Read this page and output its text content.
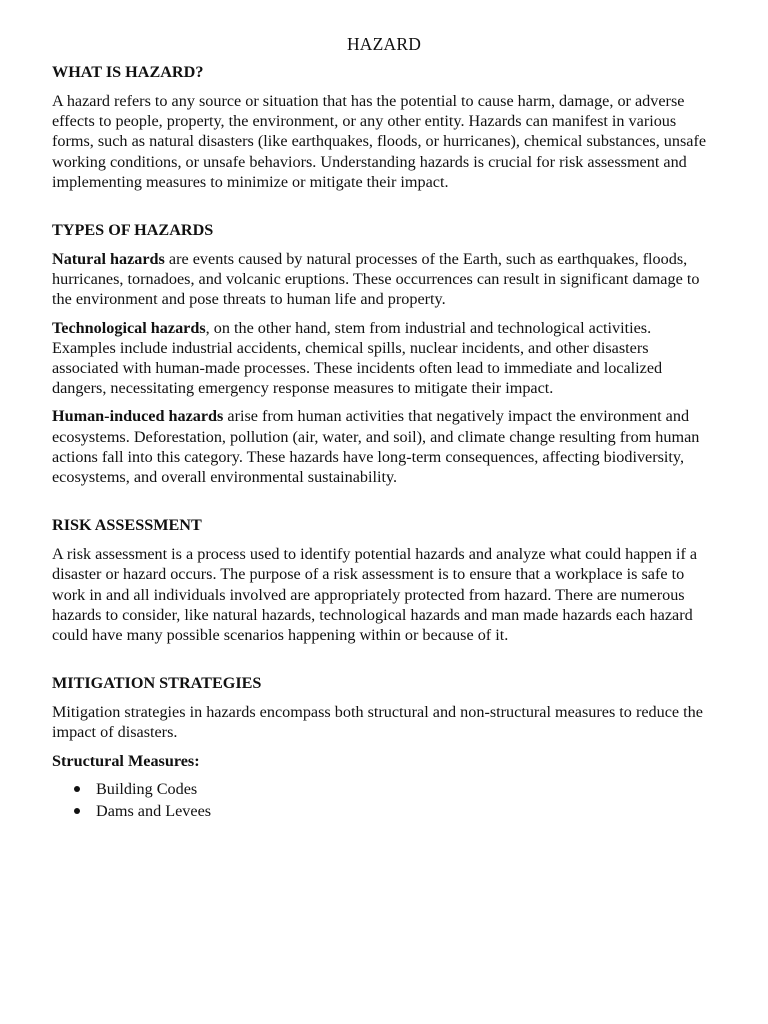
HAZARD
WHAT IS HAZARD?

A hazard refers to any source or situation that has the potential to cause harm, damage, or adverse effects to people, property, the environment, or any other entity. Hazards can manifest in various forms, such as natural disasters (like earthquakes, floods, or hurricanes), chemical substances, unsafe working conditions, or unsafe behaviors. Understanding hazards is crucial for risk assessment and implementing measures to minimize or mitigate their impact.

TYPES OF HAZARDS

Natural hazards are events caused by natural processes of the Earth, such as earthquakes, floods, hurricanes, tornadoes, and volcanic eruptions. These occurrences can result in significant damage to the environment and pose threats to human life and property.

Technological hazards, on the other hand, stem from industrial and technological activities. Examples include industrial accidents, chemical spills, nuclear incidents, and other disasters associated with human-made processes. These incidents often lead to immediate and localized dangers, necessitating emergency response measures to mitigate their impact.

Human-induced hazards arise from human activities that negatively impact the environment and ecosystems. Deforestation, pollution (air, water, and soil), and climate change resulting from human actions fall into this category. These hazards have long-term consequences, affecting biodiversity, ecosystems, and overall environmental sustainability.

RISK ASSESSMENT

A risk assessment is a process used to identify potential hazards and analyze what could happen if a disaster or hazard occurs. The purpose of a risk assessment is to ensure that a workplace is safe to work in and all individuals involved are appropriately protected from hazard. There are numerous hazards to consider, like natural hazards, technological hazards and man made hazards each hazard could have many possible scenarios happening within or because of it.

MITIGATION STRATEGIES

Mitigation strategies in hazards encompass both structural and non-structural measures to reduce the impact of disasters.

Structural Measures:
Building Codes
Dams and Levees
